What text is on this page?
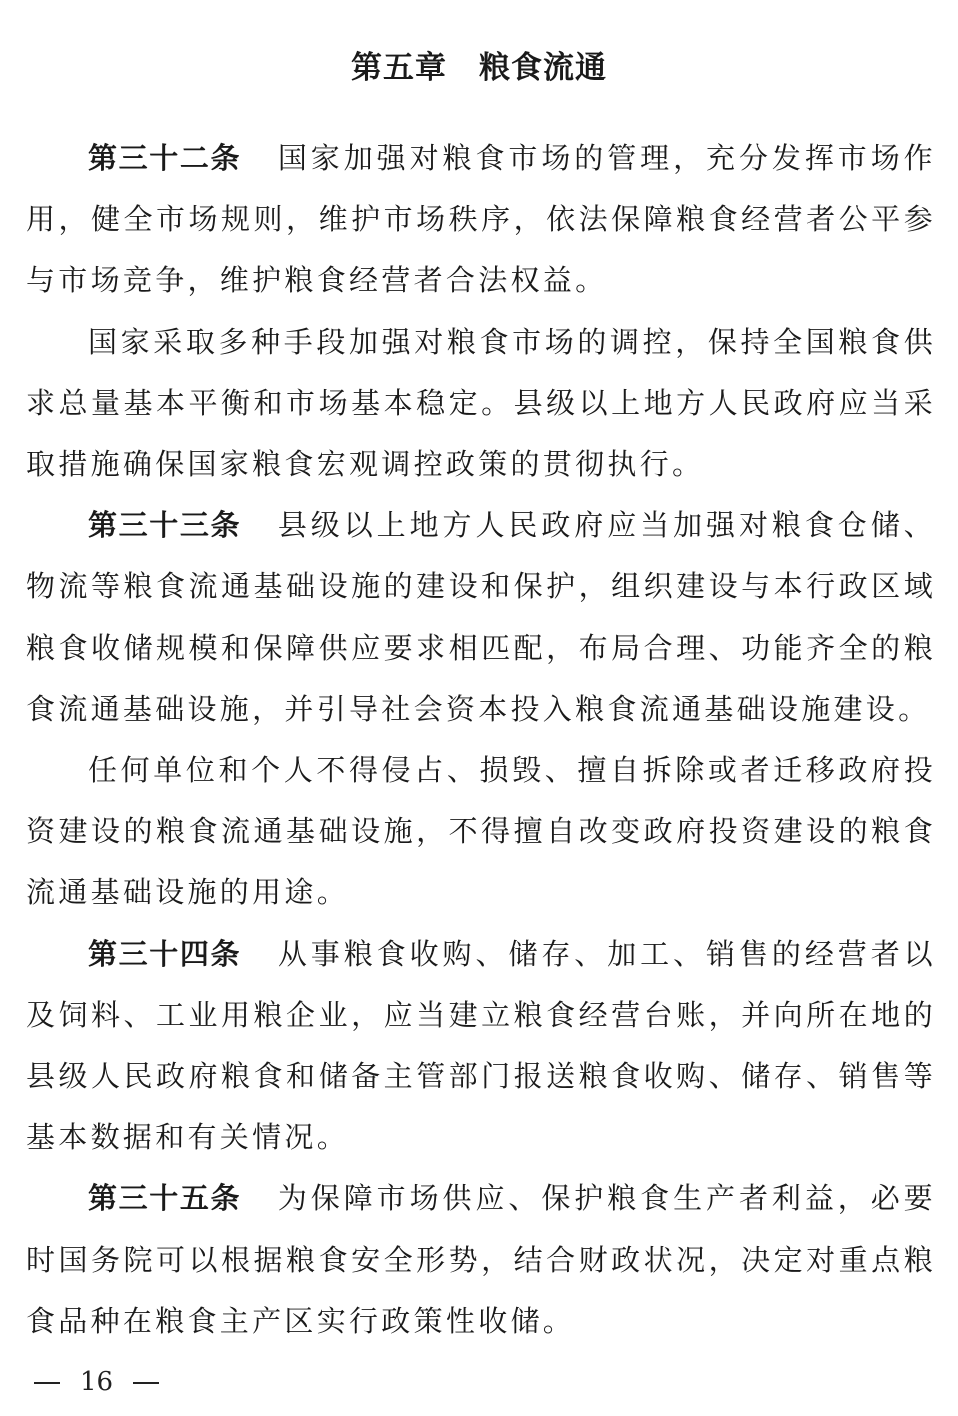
第五章 粮食流通

第三十二条 国家加强对粮食市场的管理，充分发挥市场作用，健全市场规则，维护市场秩序，依法保障粮食经营者公平参与市场竞争，维护粮食经营者合法权益。

国家采取多种手段加强对粮食市场的调控，保持全国粮食供求总量基本平衡和市场基本稳定。县级以上地方人民政府应当采取措施确保国家粮食宏观调控政策的贯彻执行。

第三十三条 县级以上地方人民政府应当加强对粮食仓储、物流等粮食流通基础设施的建设和保护，组织建设与本行政区域粮食收储规模和保障供应要求相匹配，布局合理、功能齐全的粮食流通基础设施，并引导社会资本投入粮食流通基础设施建设。

任何单位和个人不得侵占、损毁、擅自拆除或者迁移政府投资建设的粮食流通基础设施，不得擅自改变政府投资建设的粮食流通基础设施的用途。

第三十四条 从事粮食收购、储存、加工、销售的经营者以及饲料、工业用粮企业，应当建立粮食经营台账，并向所在地的县级人民政府粮食和储备主管部门报送粮食收购、储存、销售等基本数据和有关情况。

第三十五条 为保障市场供应、保护粮食生产者利益，必要时国务院可以根据粮食安全形势，结合财政状况，决定对重点粮食品种在粮食主产区实行政策性收储。

16
